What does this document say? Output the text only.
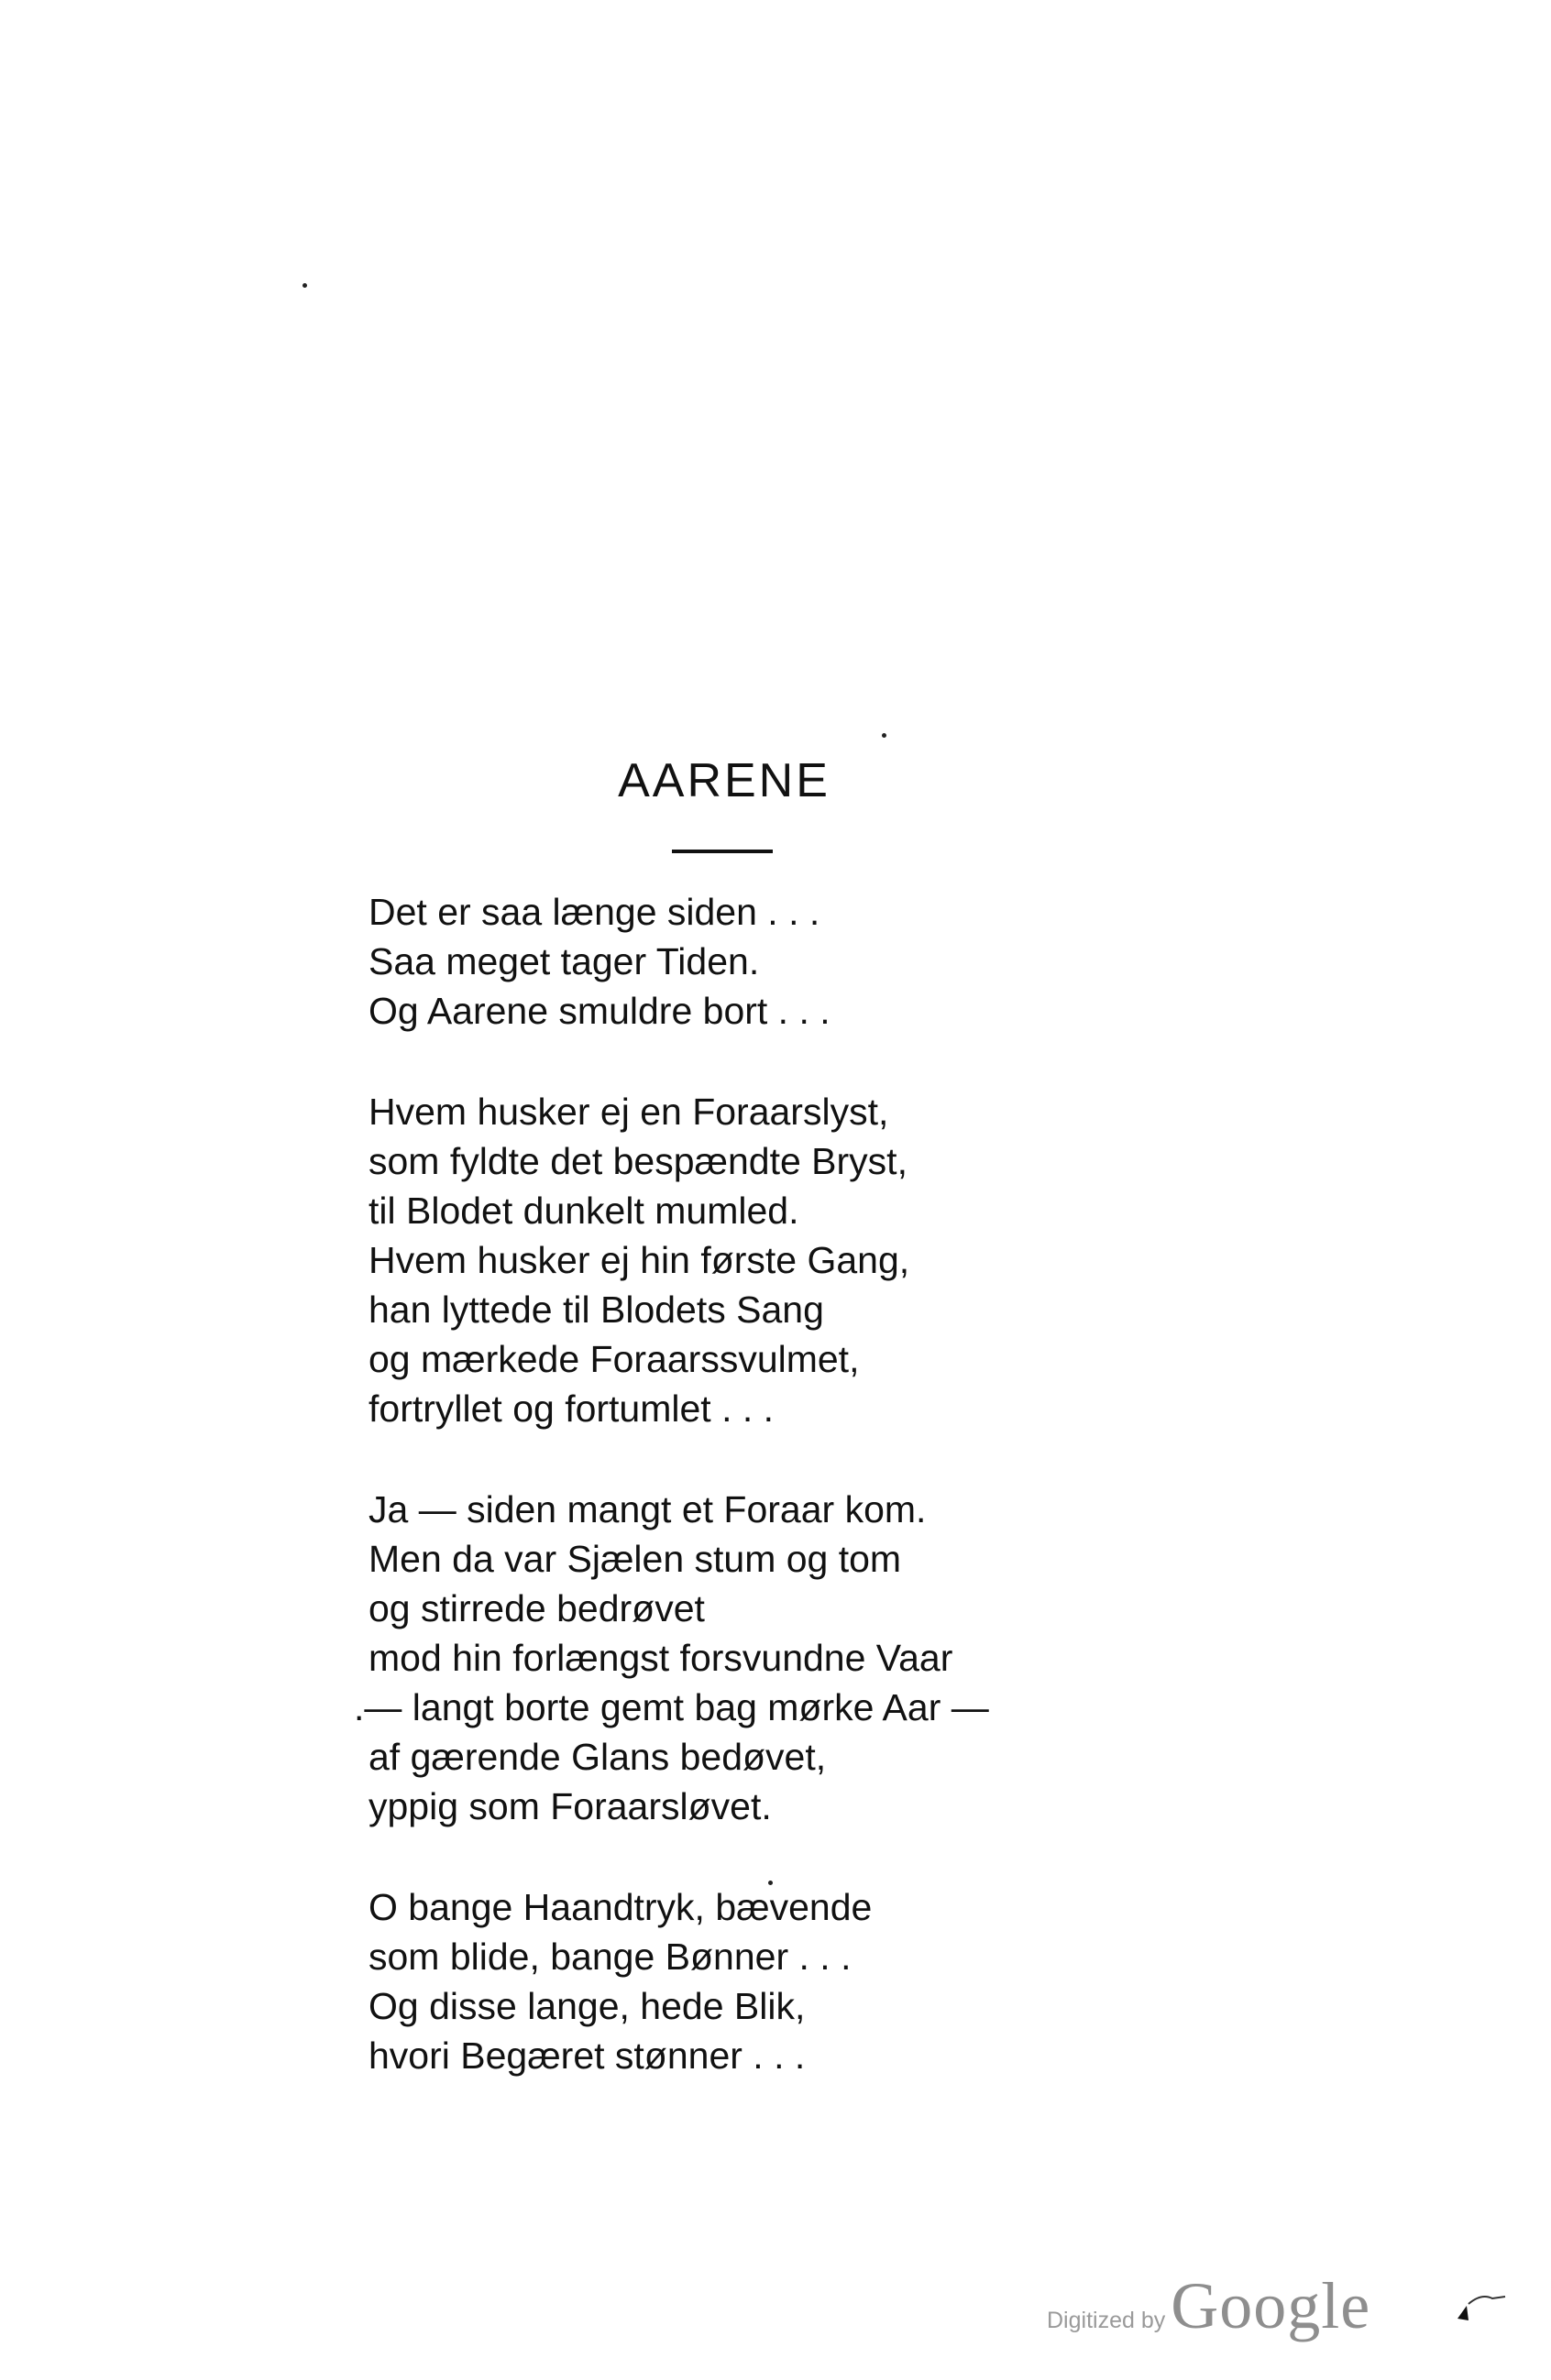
AARENE
Det er saa længe siden . . .
Saa meget tager Tiden.
Og Aarene smuldre bort . . .
Hvem husker ej en Foraarslyst,
som fyldte det bespændte Bryst,
til Blodet dunkelt mumled.
Hvem husker ej hin første Gang,
han lyttede til Blodets Sang
og mærkede Foraarssvulmet,
fortryllet og fortumlet . . .
Ja — siden mangt et Foraar kom.
Men da var Sjælen stum og tom
og stirrede bedrøvet
mod hin forlængst forsvundne Vaar
.— langt borte gemt bag mørke Aar —
af gærende Glans bedøvet,
yppig som Foraarsløvet.
O bange Haandtryk, bævende
som blide, bange Bønner . . .
Og disse lange, hede Blik,
hvori Begæret stønner . . .
Digitized by Google
